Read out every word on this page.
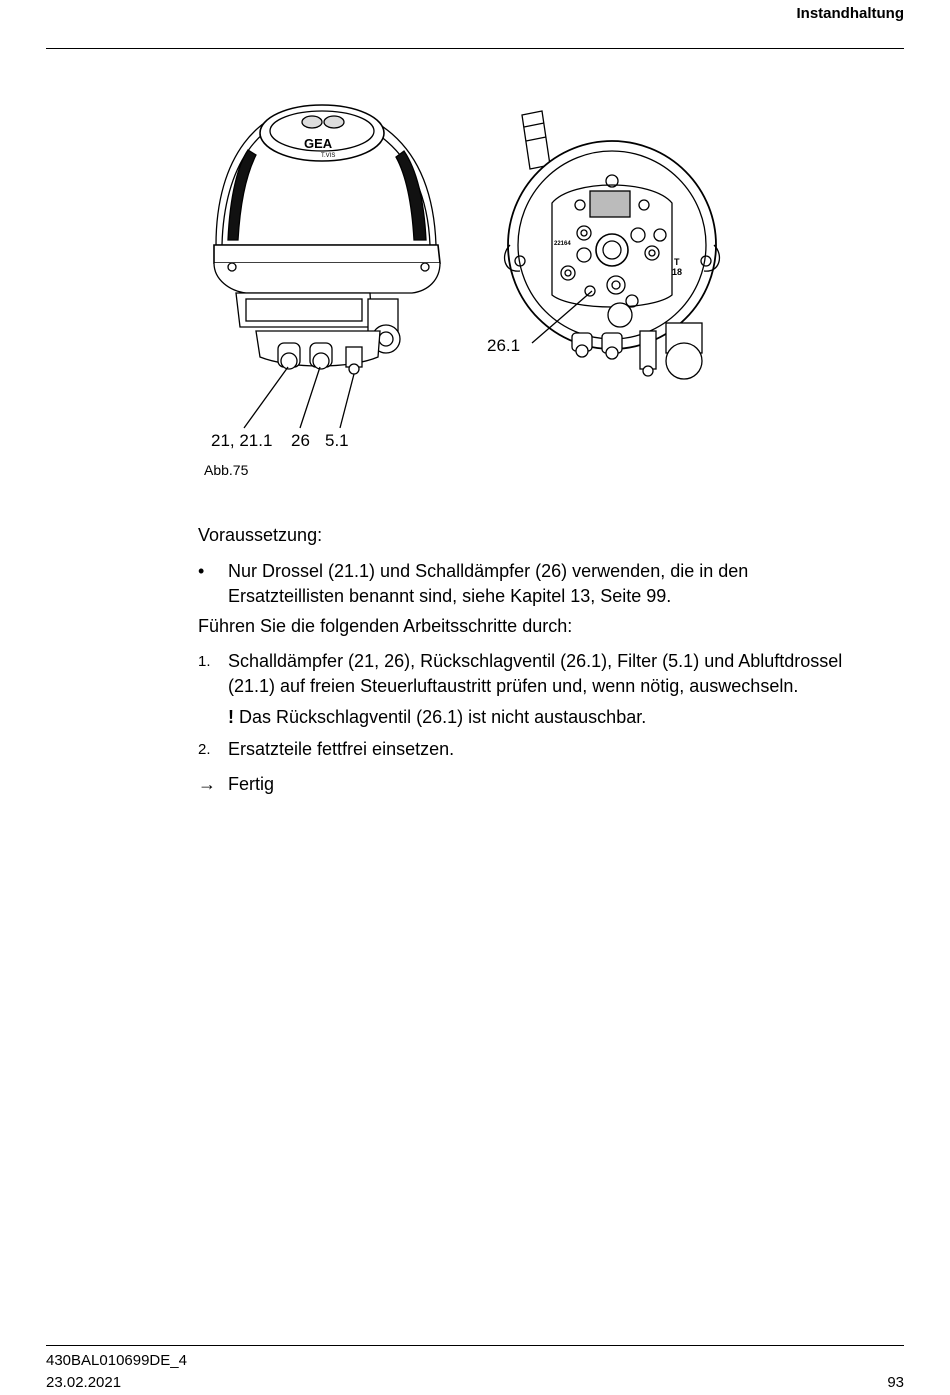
Instandhaltung
GEA
T.VIS
22164
T
18
21, 21.1 26 5.1
26.1
Abb.75
Voraussetzung:
• Nur Drossel (21.1) und Schalldämpfer (26) verwenden, die in den
Ersatzteillisten benannt sind, siehe Kapitel 13, Seite 99.
Führen Sie die folgenden Arbeitsschritte durch:
1. Schalldämpfer (21, 26), Rückschlagventil (26.1), Filter (5.1) und Abluftdrossel
(21.1) auf freien Steuerluftaustritt prüfen und, wenn nötig, auswechseln.
! Das Rückschlagventil (26.1) ist nicht austauschbar.
2. Ersatzteile fettfrei einsetzen.
→ Fertig
430BAL010699DE_4
23.02.2021	93
